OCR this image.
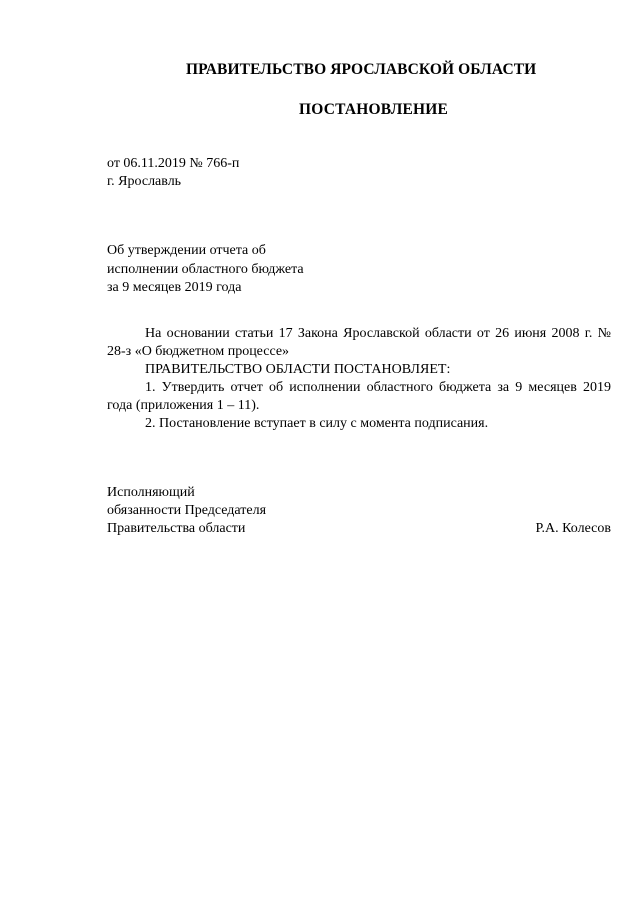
ПРАВИТЕЛЬСТВО ЯРОСЛАВСКОЙ ОБЛАСТИ
ПОСТАНОВЛЕНИЕ
от 06.11.2019 № 766-п
г. Ярославль
Об утверждении отчета об
исполнении областного бюджета
за 9 месяцев 2019 года

На основании статьи 17 Закона Ярославской области от 26 июня 2008 г. № 28-з «О бюджетном процессе»

ПРАВИТЕЛЬСТВО ОБЛАСТИ ПОСТАНОВЛЯЕТ:

1. Утвердить отчет об исполнении областного бюджета за 9 месяцев 2019 года (приложения 1 – 11).

2. Постановление вступает в силу с момента подписания.

Исполняющий
обязанности Председателя
Правительства области	Р.А. Колесов
